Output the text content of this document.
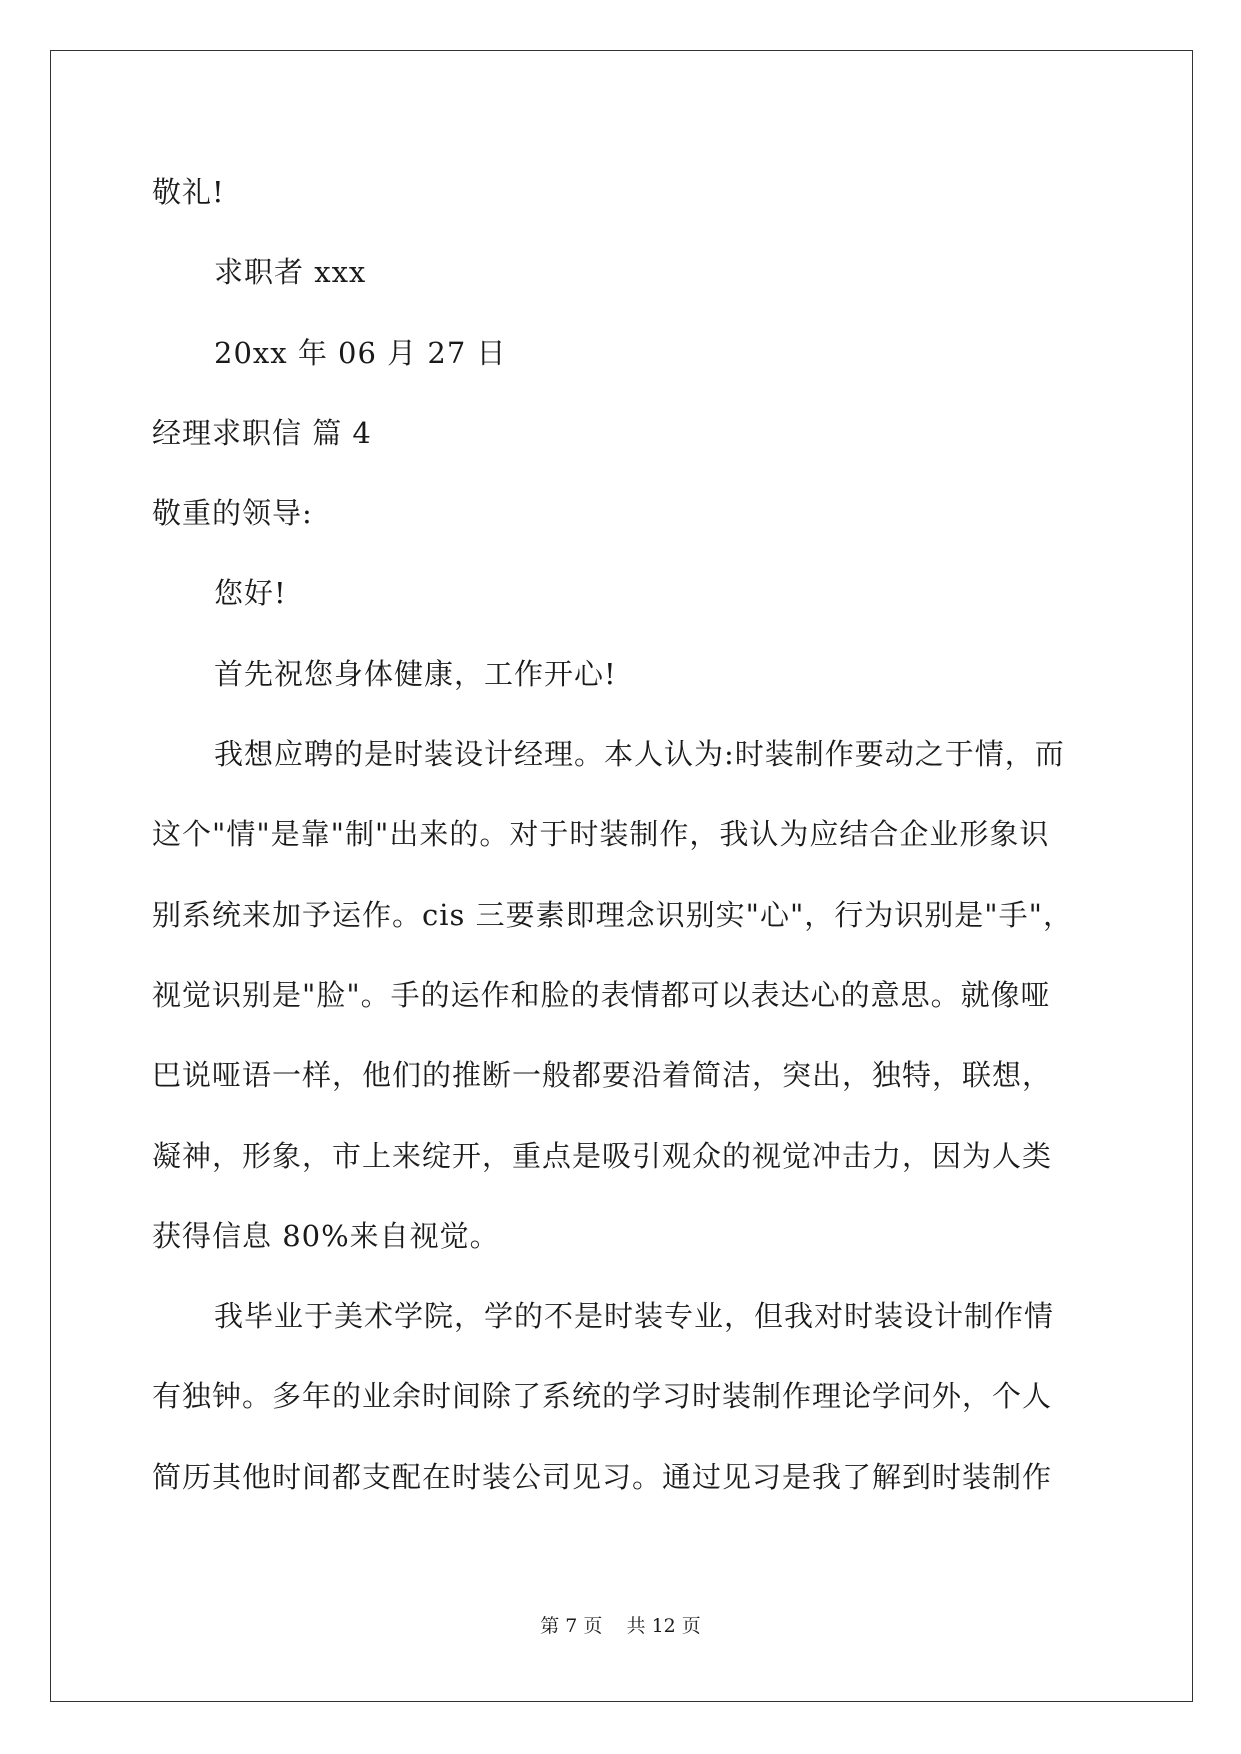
敬礼!
求职者 xxx
20xx 年 06 月 27 日
经理求职信 篇 4
敬重的领导:
您好!
首先祝您身体健康，工作开心!
我想应聘的是时装设计经理。本人认为:时装制作要动之于情，而
这个"情"是靠"制"出来的。对于时装制作，我认为应结合企业形象识
别系统来加予运作。cis 三要素即理念识别实"心"，行为识别是"手"，
视觉识别是"脸"。手的运作和脸的表情都可以表达心的意思。就像哑
巴说哑语一样，他们的推断一般都要沿着简洁，突出，独特，联想，
凝神，形象，市上来绽开，重点是吸引观众的视觉冲击力，因为人类
获得信息 80%来自视觉。
我毕业于美术学院，学的不是时装专业，但我对时装设计制作情
有独钟。多年的业余时间除了系统的学习时装制作理论学问外，个人
简历其他时间都支配在时装公司见习。通过见习是我了解到时装制作
第 7 页    共 12 页
